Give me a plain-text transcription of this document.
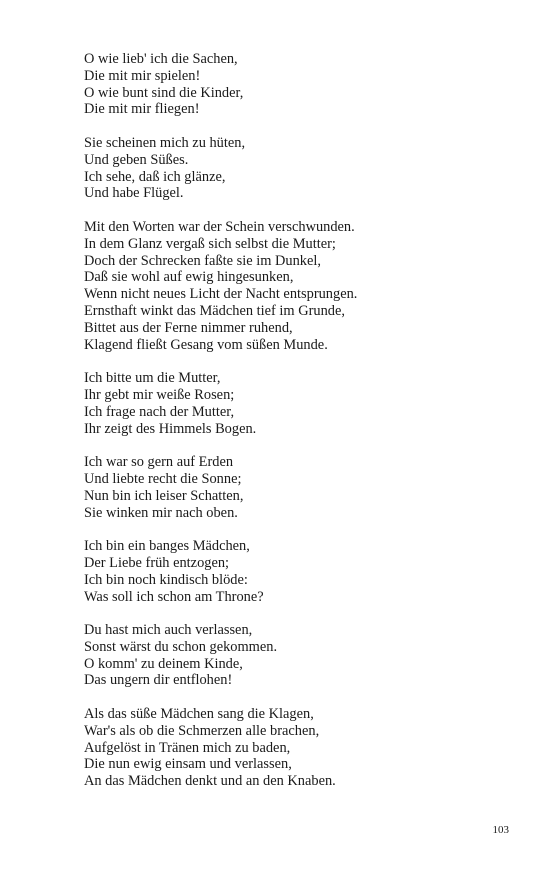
O wie lieb' ich die Sachen,
Die mit mir spielen!
O wie bunt sind die Kinder,
Die mit mir fliegen!
Sie scheinen mich zu hüten,
Und geben Süßes.
Ich sehe, daß ich glänze,
Und habe Flügel.
Mit den Worten war der Schein verschwunden.
In dem Glanz vergaß sich selbst die Mutter;
Doch der Schrecken faßte sie im Dunkel,
Daß sie wohl auf ewig hingesunken,
Wenn nicht neues Licht der Nacht entsprungen.
Ernsthaft winkt das Mädchen tief im Grunde,
Bittet aus der Ferne nimmer ruhend,
Klagend fließt Gesang vom süßen Munde.
Ich bitte um die Mutter,
Ihr gebt mir weiße Rosen;
Ich frage nach der Mutter,
Ihr zeigt des Himmels Bogen.
Ich war so gern auf Erden
Und liebte recht die Sonne;
Nun bin ich leiser Schatten,
Sie winken mir nach oben.
Ich bin ein banges Mädchen,
Der Liebe früh entzogen;
Ich bin noch kindisch blöde:
Was soll ich schon am Throne?
Du hast mich auch verlassen,
Sonst wärst du schon gekommen.
O komm' zu deinem Kinde,
Das ungern dir entflohen!
Als das süße Mädchen sang die Klagen,
War's als ob die Schmerzen alle brachen,
Aufgelöst in Tränen mich zu baden,
Die nun ewig einsam und verlassen,
An das Mädchen denkt und an den Knaben.
103
